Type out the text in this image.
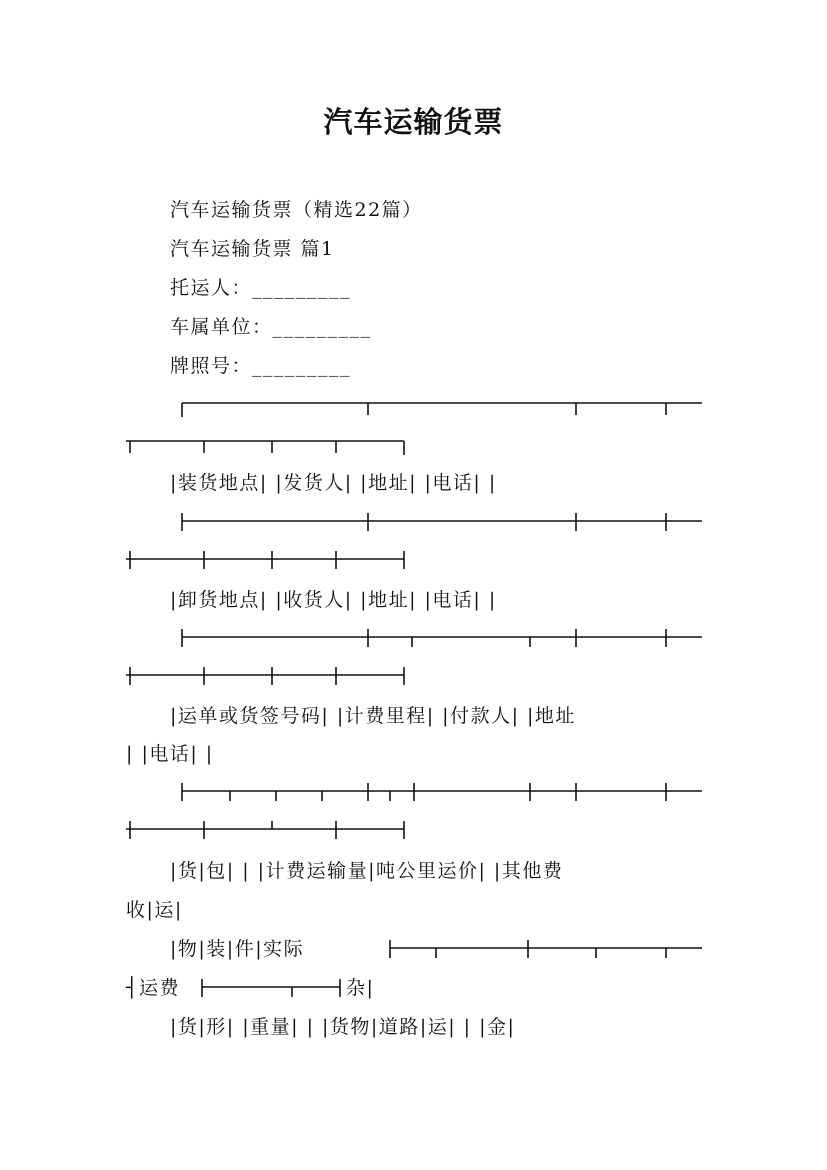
汽车运输货票
汽车运输货票（精选22篇）
汽车运输货票 篇1
托运人：_________
车属单位：_________
牌照号：_________
|装货地点| |发货人| |地址| |电话| |
|卸货地点| |收货人| |地址| |电话| |
|运单或货签号码| |计费里程| |付款人| |地址
| |电话| |
|货|包| | |计费运输量|吨公里运价| |其他费
收|运|
|物|装|件|实际
┤运费	杂|
|货|形| |重量| | |货物|道路|运| | |金|
